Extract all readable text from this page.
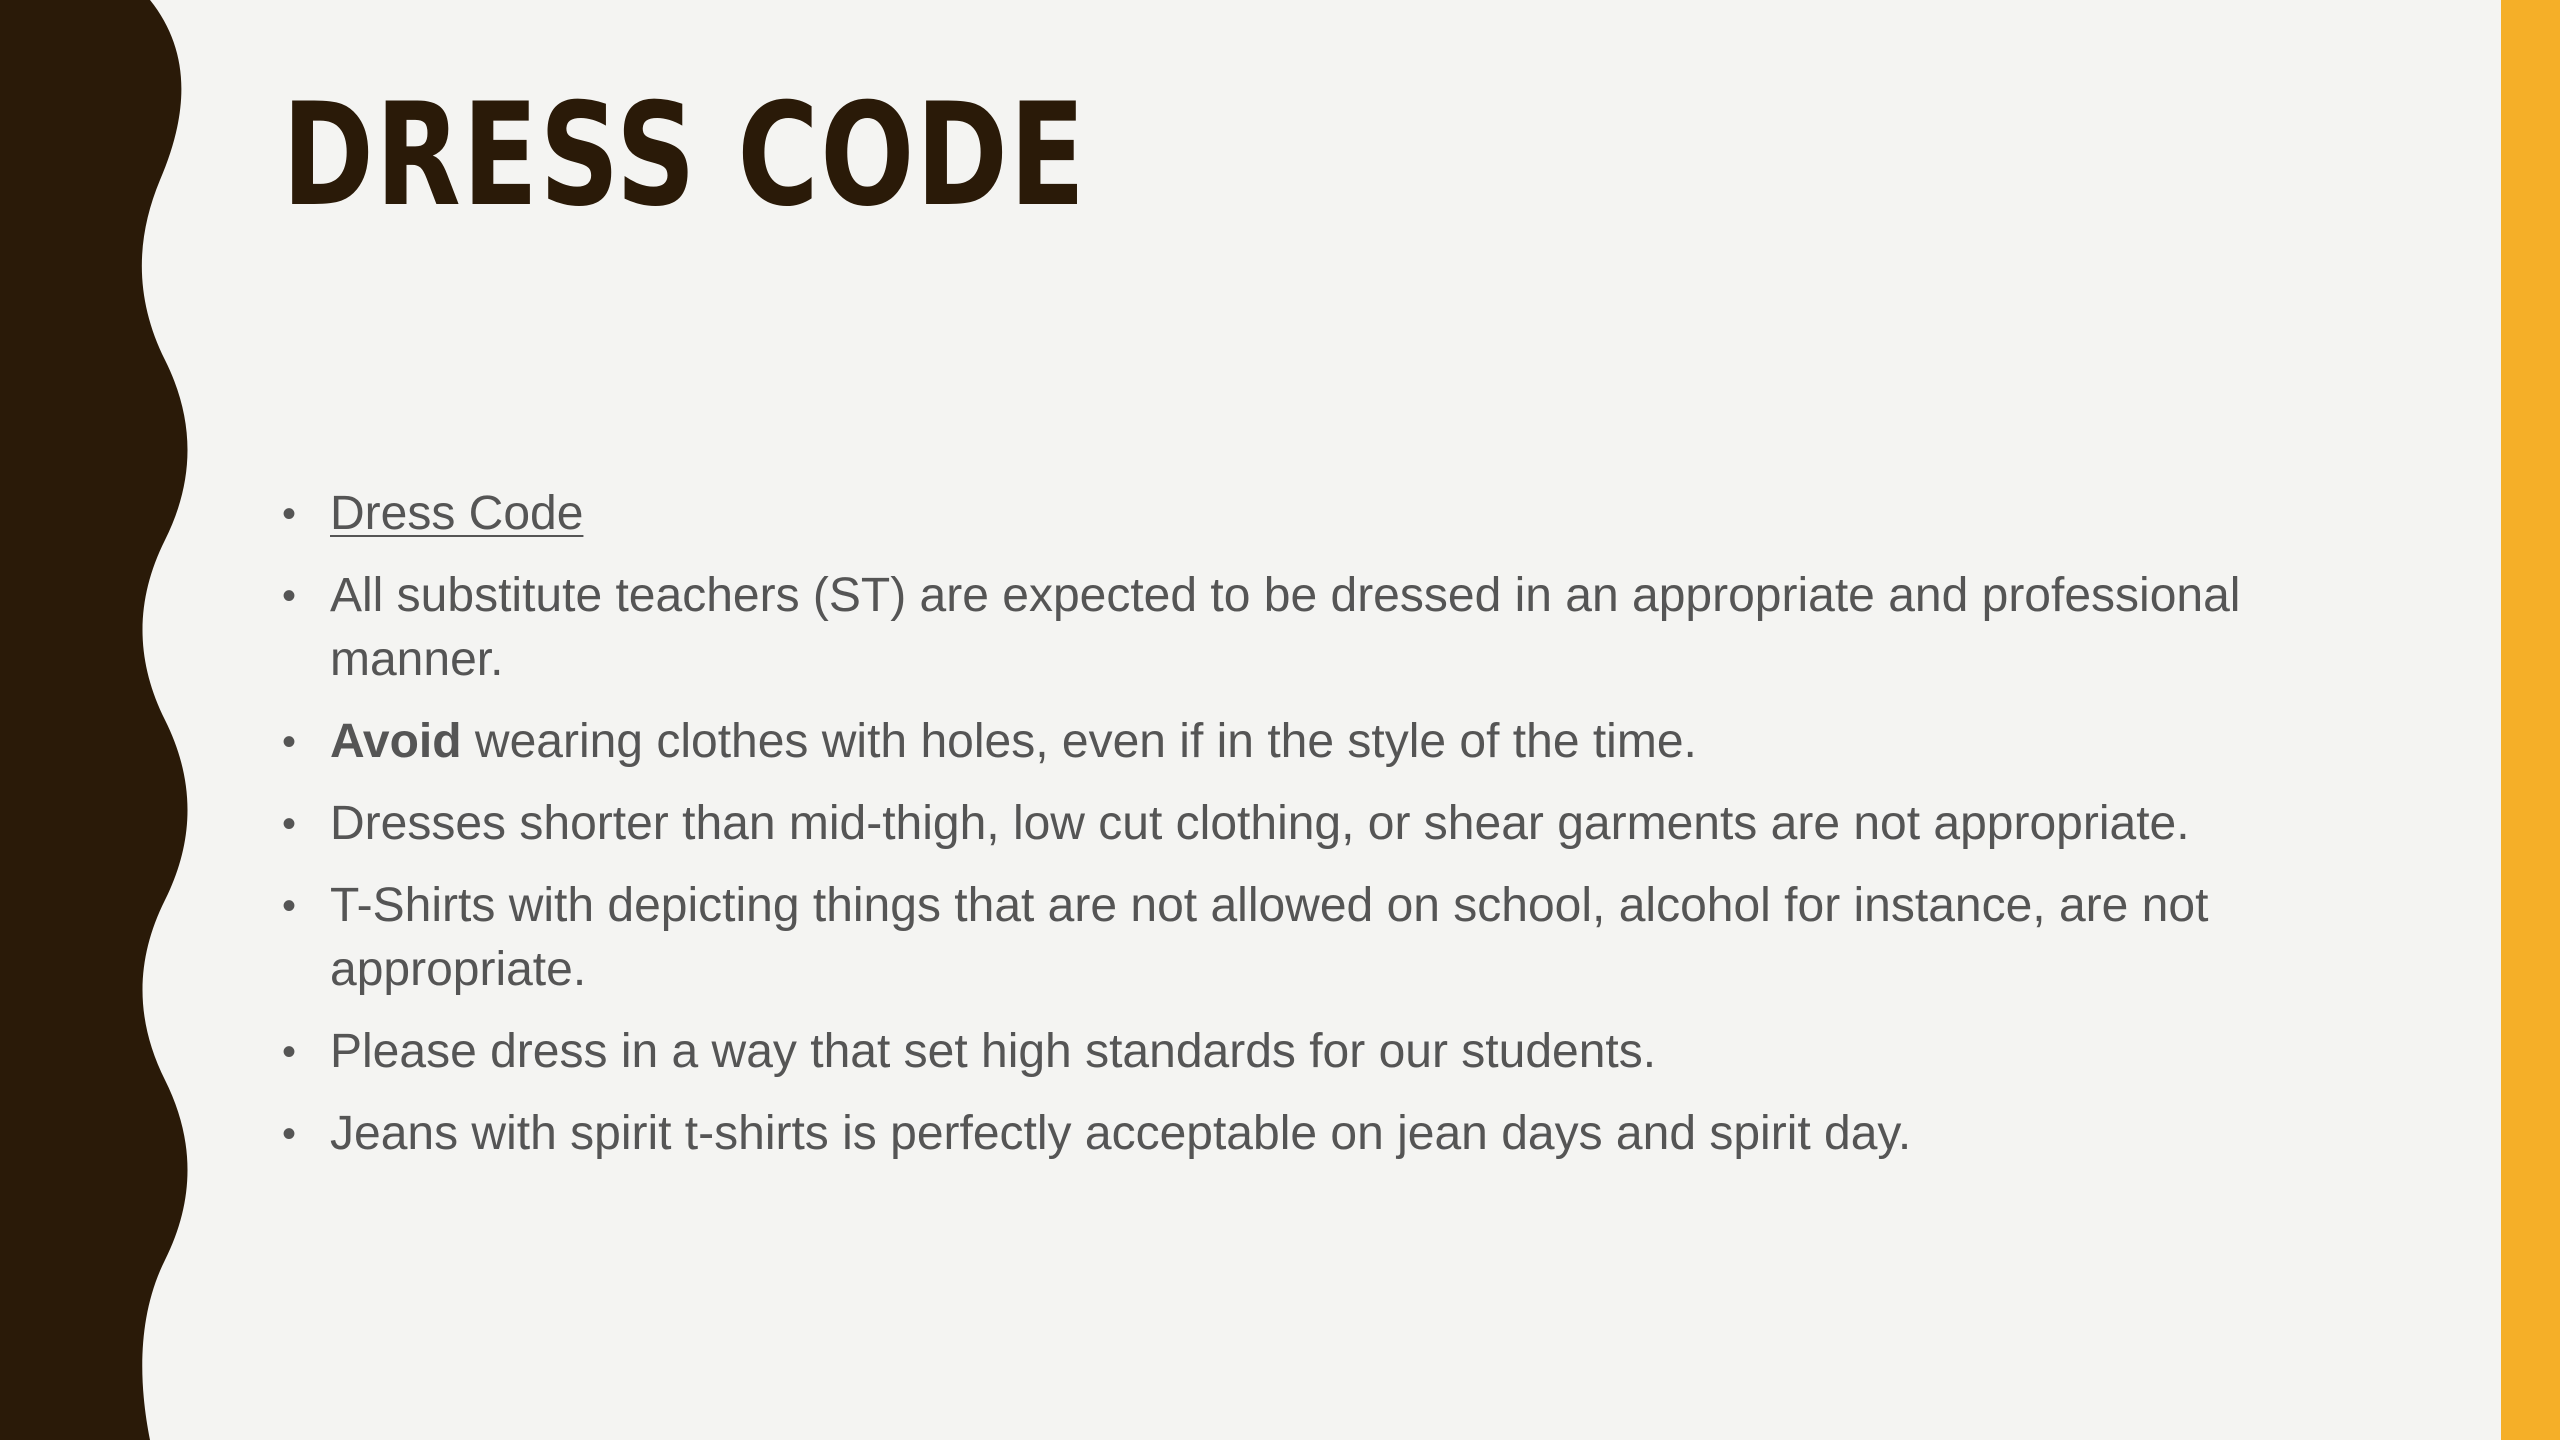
DRESS CODE
• Dress Code
• All substitute teachers (ST) are expected to be dressed in an appropriate and professional manner.
• Avoid wearing clothes with holes, even if in the style of the time.
• Dresses shorter than mid-thigh, low cut clothing, or shear garments are not appropriate.
• T-Shirts with depicting things that are not allowed on school, alcohol for instance, are not appropriate.
• Please dress in a way that set high standards for our students.
• Jeans with spirit t-shirts is perfectly acceptable on jean days and spirit day.
